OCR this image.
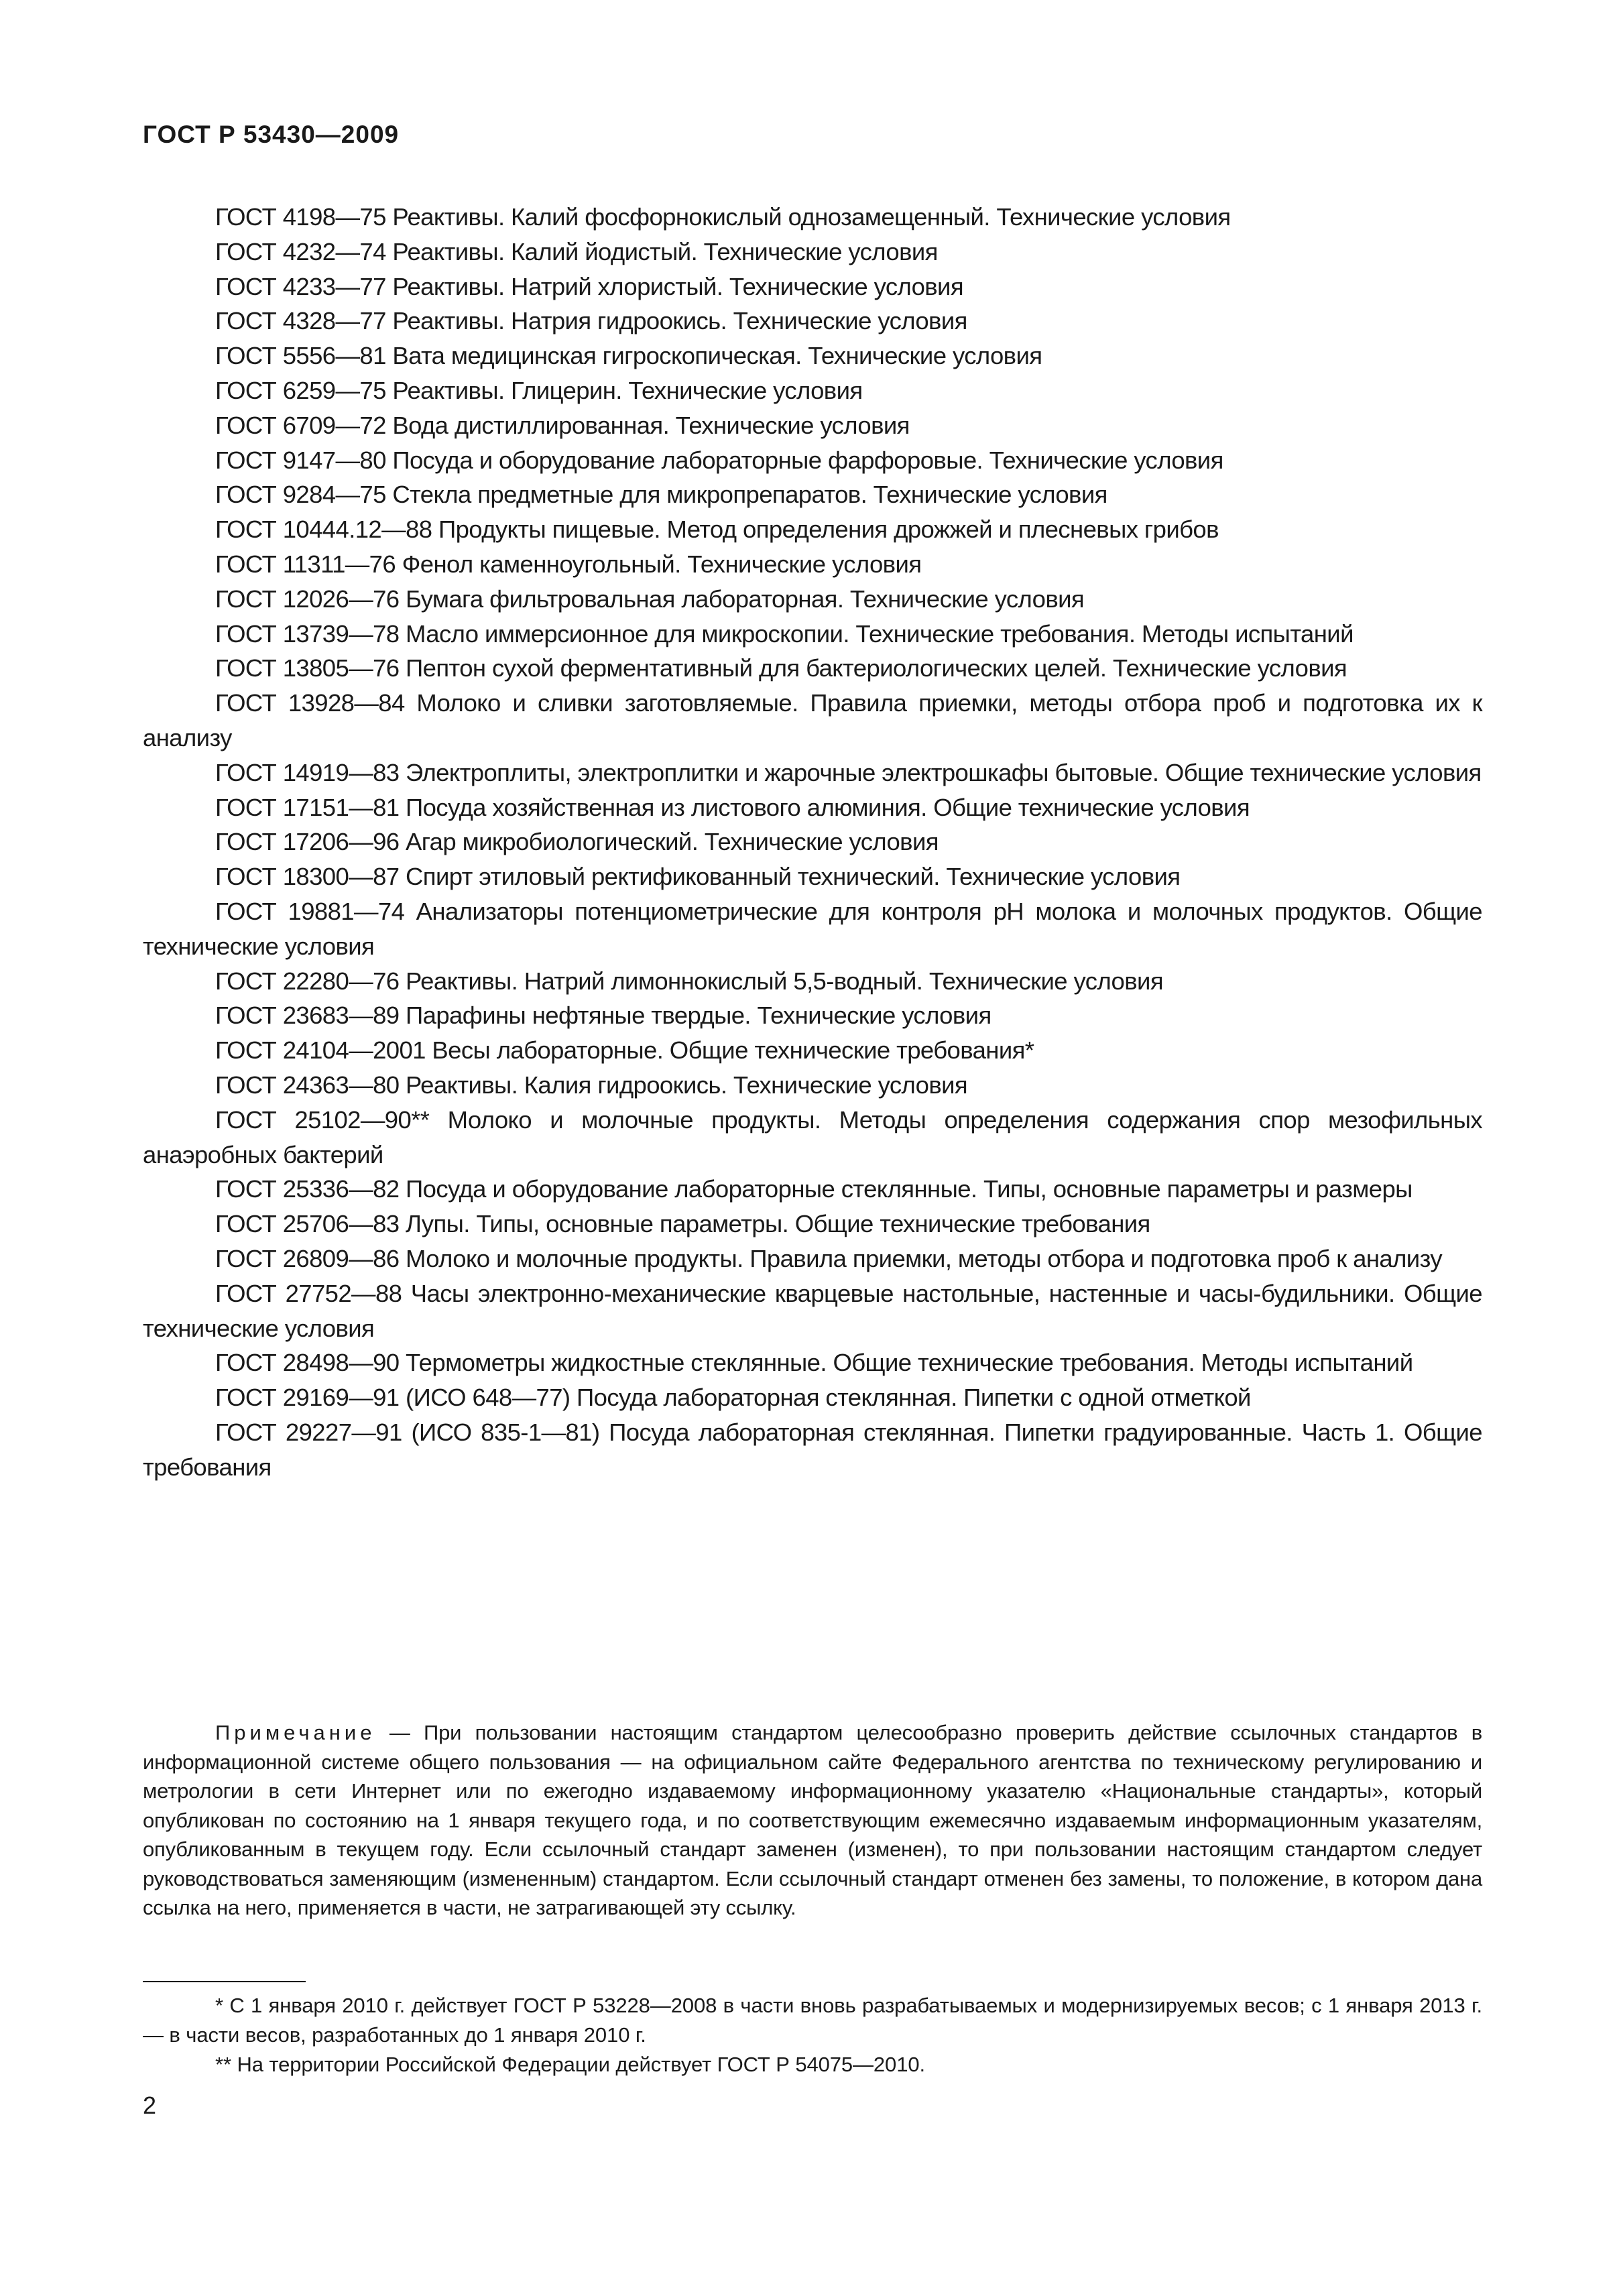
ГОСТ Р 53430—2009

ГОСТ 4198—75 Реактивы. Калий фосфорнокислый однозамещенный. Технические условия

ГОСТ 4232—74 Реактивы. Калий йодистый. Технические условия

ГОСТ 4233—77 Реактивы. Натрий хлористый. Технические условия

ГОСТ 4328—77 Реактивы. Натрия гидроокись. Технические условия

ГОСТ 5556—81 Вата медицинская гигроскопическая. Технические условия

ГОСТ 6259—75 Реактивы. Глицерин. Технические условия

ГОСТ 6709—72 Вода дистиллированная. Технические условия

ГОСТ 9147—80 Посуда и оборудование лабораторные фарфоровые. Технические условия

ГОСТ 9284—75 Стекла предметные для микропрепаратов. Технические условия

ГОСТ 10444.12—88 Продукты пищевые. Метод определения дрожжей и плесневых грибов

ГОСТ 11311—76 Фенол каменноугольный. Технические условия

ГОСТ 12026—76 Бумага фильтровальная лабораторная. Технические условия

ГОСТ 13739—78 Масло иммерсионное для микроскопии. Технические требования. Методы испытаний

ГОСТ 13805—76 Пептон сухой ферментативный для бактериологических целей. Технические условия

ГОСТ 13928—84 Молоко и сливки заготовляемые. Правила приемки, методы отбора проб и подготовка их к анализу

ГОСТ 14919—83 Электроплиты, электроплитки и жарочные электрошкафы бытовые. Общие технические условия

ГОСТ 17151—81 Посуда хозяйственная из листового алюминия. Общие технические условия

ГОСТ 17206—96 Агар микробиологический. Технические условия

ГОСТ 18300—87 Спирт этиловый ректификованный технический. Технические условия

ГОСТ 19881—74 Анализаторы потенциометрические для контроля pH молока и молочных продуктов. Общие технические условия

ГОСТ 22280—76 Реактивы. Натрий лимоннокислый 5,5-водный. Технические условия

ГОСТ 23683—89 Парафины нефтяные твердые. Технические условия

ГОСТ 24104—2001 Весы лабораторные. Общие технические требования*

ГОСТ 24363—80 Реактивы. Калия гидроокись. Технические условия

ГОСТ 25102—90** Молоко и молочные продукты. Методы определения содержания спор мезофильных анаэробных бактерий

ГОСТ 25336—82 Посуда и оборудование лабораторные стеклянные. Типы, основные параметры и размеры

ГОСТ 25706—83 Лупы. Типы, основные параметры. Общие технические требования

ГОСТ 26809—86 Молоко и молочные продукты. Правила приемки, методы отбора и подготовка проб к анализу

ГОСТ 27752—88 Часы электронно-механические кварцевые настольные, настенные и часы-будильники. Общие технические условия

ГОСТ 28498—90 Термометры жидкостные стеклянные. Общие технические требования. Методы испытаний

ГОСТ 29169—91 (ИСО 648—77) Посуда лабораторная стеклянная. Пипетки с одной отметкой

ГОСТ 29227—91 (ИСО 835-1—81) Посуда лабораторная стеклянная. Пипетки градуированные. Часть 1. Общие требования

Примечание — При пользовании настоящим стандартом целесообразно проверить действие ссылочных стандартов в информационной системе общего пользования — на официальном сайте Федерального агентства по техническому регулированию и метрологии в сети Интернет или по ежегодно издаваемому информационному указателю «Национальные стандарты», который опубликован по состоянию на 1 января текущего года, и по соответствующим ежемесячно издаваемым информационным указателям, опубликованным в текущем году. Если ссылочный стандарт заменен (изменен), то при пользовании настоящим стандартом следует руководствоваться заменяющим (измененным) стандартом. Если ссылочный стандарт отменен без замены, то положение, в котором дана ссылка на него, применяется в части, не затрагивающей эту ссылку.

* С 1 января 2010 г. действует ГОСТ Р 53228—2008 в части вновь разрабатываемых и модернизируемых весов; с 1 января 2013 г. — в части весов, разработанных до 1 января 2010 г.

** На территории Российской Федерации действует ГОСТ Р 54075—2010.

2
